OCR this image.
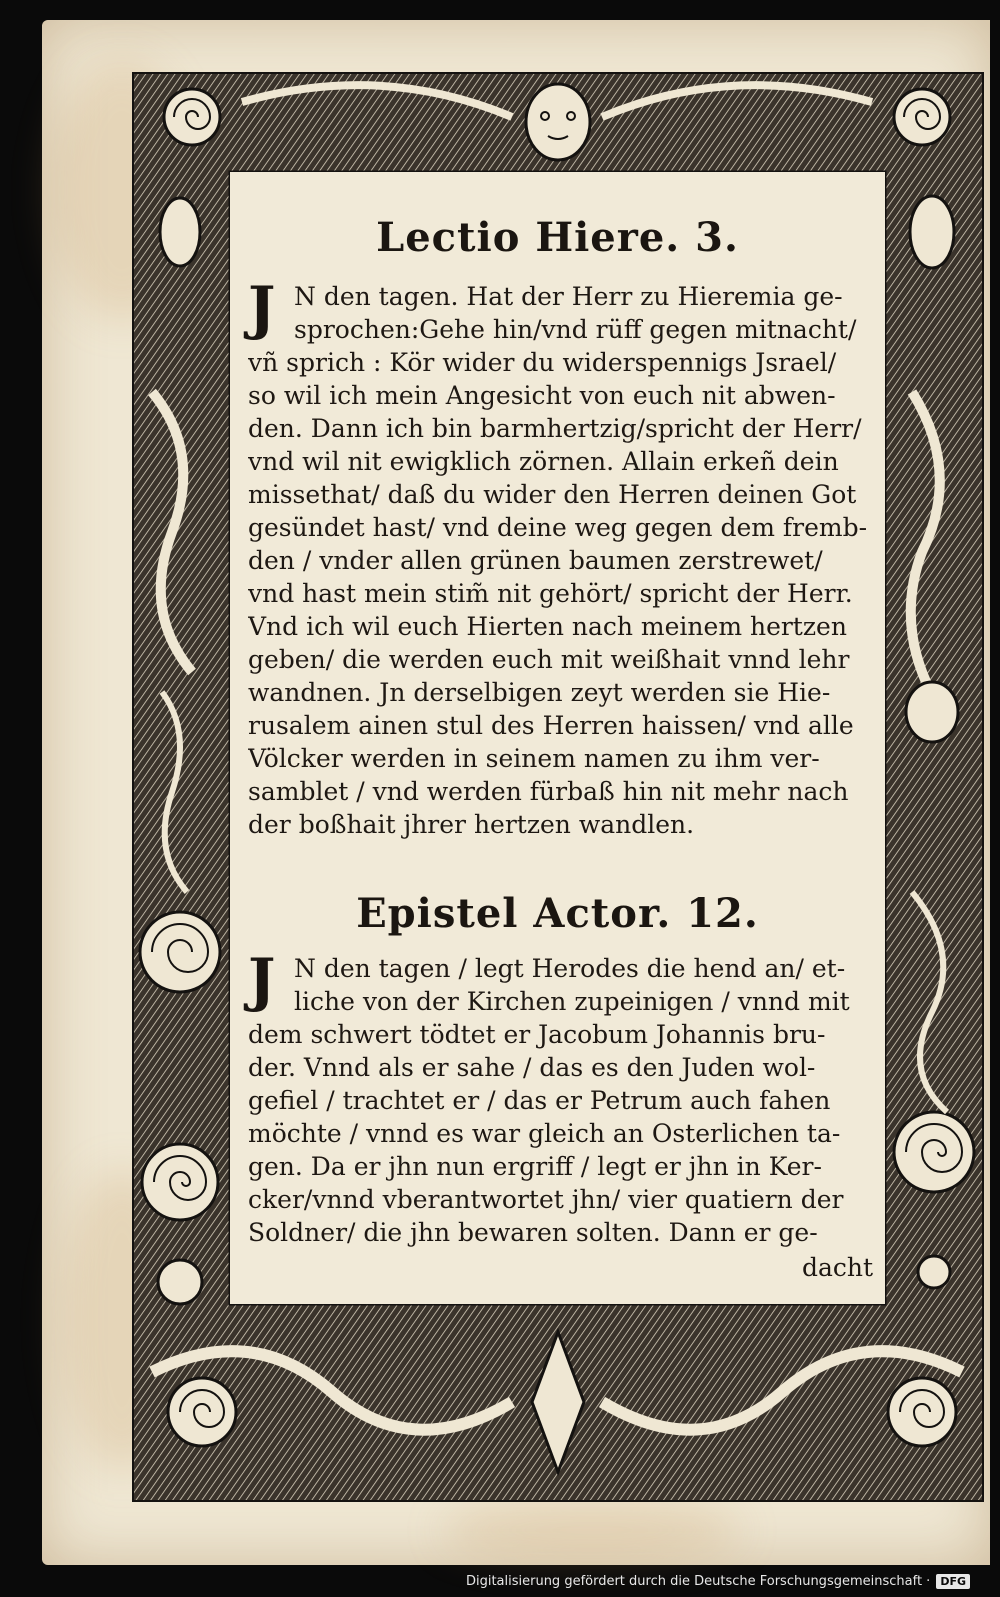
Lectio Hiere. 3.
J N den tagen. Hat der Herr zu Hieremia ge-
sprochen:Gehe hin/vnd rüff gegen mitnacht/
vñ sprich : Kör wider du widerspennigs Jsrael/
so wil ich mein Angesicht von euch nit abwen-
den. Dann ich bin barmhertzig/spricht der Herr/
vnd wil nit ewigklich zörnen. Allain erkeñ dein
missethat/ daß du wider den Herren deinen Got
gesündet hast/ vnd deine weg gegen dem fremb-
den / vnder allen grünen baumen zerstrewet/
vnd hast mein stim̃ nit gehört/ spricht der Herr.
Vnd ich wil euch Hierten nach meinem hertzen
geben/ die werden euch mit weißhait vnnd lehr
wandnen. Jn derselbigen zeyt werden sie Hie-
rusalem ainen stul des Herren haissen/ vnd alle
Völcker werden in seinem namen zu ihm ver-
samblet / vnd werden fürbaß hin nit mehr nach
der boßhait jhrer hertzen wandlen.
Epistel Actor. 12.
J N den tagen / legt Herodes die hend an/ et-
liche von der Kirchen zupeinigen / vnnd mit
dem schwert tödtet er Jacobum Johannis bru-
der. Vnnd als er sahe / das es den Juden wol-
gefiel / trachtet er / das er Petrum auch fahen
möchte / vnnd es war gleich an Osterlichen ta-
gen. Da er jhn nun ergriff / legt er jhn in Ker-
cker/vnnd vberantwortet jhn/ vier quatiern der
Soldner/ die jhn bewaren solten. Dann er ge-
dacht
Digitalisierung gefördert durch die Deutsche Forschungsgemeinschaft · DFG
